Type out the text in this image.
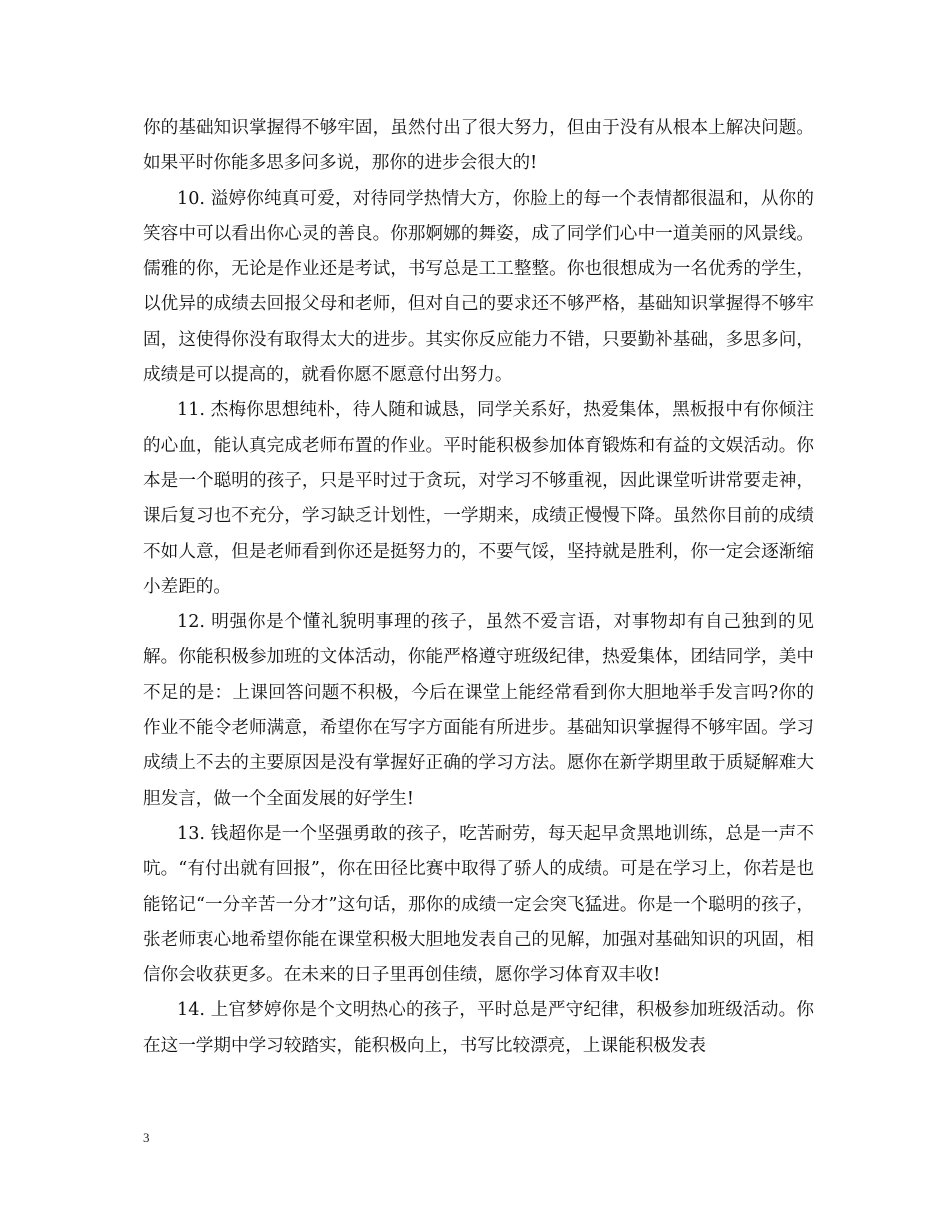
你的基础知识掌握得不够牢固，虽然付出了很大努力，但由于没有从根本上解决问题。如果平时你能多思多问多说，那你的进步会很大的!

10. 溢婷你纯真可爱，对待同学热情大方，你脸上的每一个表情都很温和，从你的笑容中可以看出你心灵的善良。你那婀娜的舞姿，成了同学们心中一道美丽的风景线。儒雅的你，无论是作业还是考试，书写总是工工整整。你也很想成为一名优秀的学生，以优异的成绩去回报父母和老师，但对自己的要求还不够严格，基础知识掌握得不够牢固，这使得你没有取得太大的进步。其实你反应能力不错，只要勤补基础，多思多问，成绩是可以提高的，就看你愿不愿意付出努力。

11. 杰梅你思想纯朴，待人随和诚恳，同学关系好，热爱集体，黑板报中有你倾注的心血，能认真完成老师布置的作业。平时能积极参加体育锻炼和有益的文娱活动。你本是一个聪明的孩子，只是平时过于贪玩，对学习不够重视，因此课堂听讲常要走神，课后复习也不充分，学习缺乏计划性，一学期来，成绩正慢慢下降。虽然你目前的成绩不如人意，但是老师看到你还是挺努力的，不要气馁，坚持就是胜利，你一定会逐渐缩小差距的。

12. 明强你是个懂礼貌明事理的孩子，虽然不爱言语，对事物却有自己独到的见解。你能积极参加班的文体活动，你能严格遵守班级纪律，热爱集体，团结同学，美中不足的是：上课回答问题不积极，今后在课堂上能经常看到你大胆地举手发言吗?你的作业不能令老师满意，希望你在写字方面能有所进步。基础知识掌握得不够牢固。学习成绩上不去的主要原因是没有掌握好正确的学习方法。愿你在新学期里敢于质疑解难大胆发言，做一个全面发展的好学生!

13. 钱超你是一个坚强勇敢的孩子，吃苦耐劳，每天起早贪黑地训练，总是一声不吭。“有付出就有回报”，你在田径比赛中取得了骄人的成绩。可是在学习上，你若是也能铭记“一分辛苦一分才”这句话，那你的成绩一定会突飞猛进。你是一个聪明的孩子，张老师衷心地希望你能在课堂积极大胆地发表自己的见解，加强对基础知识的巩固，相信你会收获更多。在未来的日子里再创佳绩，愿你学习体育双丰收!

14. 上官梦婷你是个文明热心的孩子，平时总是严守纪律，积极参加班级活动。你在这一学期中学习较踏实，能积极向上，书写比较漂亮，上课能积极发表

3
